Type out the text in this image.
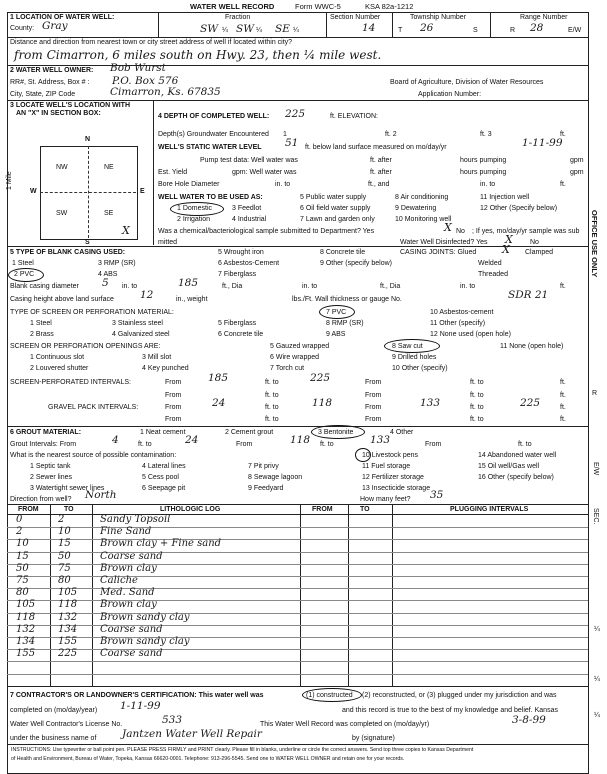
WATER WELL RECORD	Form WWC-5	KSA 82a-1212
1 LOCATION OF WATER WELL:
County: Gray
Fraction
SW ¼ SW ¼ SE ¼
Section Number
14
Township Number
T 26	S
Range Number
R 28	E/W
Distance and direction from nearest town or city street address of well if located within city?
from Cimarron, 6 miles south on Hwy. 23, then ¼ mile west.
2 WATER WELL OWNER: Bob Wurst
RR#, St. Address, Box # : P.O. Box 576	Board of Agriculture, Division of Water Resources
City, State, ZIP Code	Cimarron, Ks. 67835	Application Number:
3 LOCATE WELL'S LOCATION WITH
AN "X" IN SECTION BOX:
N
S
W	E
NW	NE
SW	SE
X
1 Mile
4 DEPTH OF COMPLETED WELL: 225	ft. ELEVATION:
Depth(s) Groundwater Encountered 1	ft. 2	ft. 3	ft.
WELL'S STATIC WATER LEVEL 51 ft. below land surface measured on mo/day/yr	1-11-99
Pump test data: Well water was	ft. after	hours pumping	gpm
Est. Yield	gpm: Well water was	ft. after	hours pumping	gpm
Bore Hole Diameter	in. to	ft., and	in. to	ft.
WELL WATER TO BE USED AS:	5 Public water supply	8 Air conditioning	11 Injection well
1 Domestic	3 Feedlot	6 Oil field water supply	9 Dewatering	12 Other (Specify below)
2 Irrigation	4 Industrial	7 Lawn and garden only	10 Monitoring well
Was a chemical/bacteriological sample submitted to Department? Yes	X No ; If yes, mo/day/yr sample was sub
mitted	Water Well Disinfected? Yes X No
5 TYPE OF BLANK CASING USED:	5 Wrought iron	8 Concrete tile	CASING JOINTS: Glued X Clamped
1 Steel	3 RMP (SR)	6 Asbestos-Cement	9 Other (specify below)	Welded
2 PVC	4 ABS	7 Fiberglass	Threaded
Blank casing diameter 5 in. to	185	ft., Dia	in. to	ft., Dia	in. to	ft.
Casing height above land surface 12	in., weight	lbs./Ft. Wall thickness or gauge No.	SDR 21
TYPE OF SCREEN OR PERFORATION MATERIAL:	7 PVC	10 Asbestos-cement
1 Steel	3 Stainless steel	5 Fiberglass	8 RMP (SR)	11 Other (specify)
2 Brass	4 Galvanized steel	6 Concrete tile	9 ABS	12 None used (open hole)
SCREEN OR PERFORATION OPENINGS ARE:	5 Gauzed wrapped	8 Saw cut	11 None (open hole)
1 Continuous slot	3 Mill slot	6 Wire wrapped	9 Drilled holes
2 Louvered shutter	4 Key punched	7 Torch cut	10 Other (specify)
SCREEN-PERFORATED INTERVALS:	From	185	ft. to	225	From	ft. to	ft.
From	ft. to	From	ft. to	ft.
GRAVEL PACK INTERVALS:	From	24	ft. to	118	From	133	ft. to	225	ft.
From	ft. to	From	ft. to	ft.
6 GROUT MATERIAL:	1 Neat cement	2 Cement grout	3 Bentonite	4 Other
Grout Intervals: From	4	ft. to	24	From	118 ft. to	133	From	ft. to
What is the nearest source of possible contamination:	10 Livestock pens	14 Abandoned water well
1 Septic tank	4 Lateral lines	7 Pit privy	11 Fuel storage	15 Oil well/Gas well
2 Sewer lines	5 Cess pool	8 Sewage lagoon	12 Fertilizer storage	16 Other (specify below)
3 Watertight sewer lines	6 Seepage pit	9 Feedyard	13 Insecticide storage
Direction from well? North	How many feet? 35
FROM	TO	LITHOLOGIC LOG	FROM	TO	PLUGGING INTERVALS
0	2	Sandy Topsoil
2	10	Fine Sand
10	15	Brown clay + Fine sand
15	50	Coarse sand
50	75	Brown clay
75	80	Caliche
80	105 Med. Sand
105 118 Brown clay
118 132 Brown sandy clay
132 134 Coarse sand
134 155 Brown sandy clay
155 225 Coarse sand
7 CONTRACTOR'S OR LANDOWNER'S CERTIFICATION: This water well was	(1) constructed (2) reconstructed, or (3) plugged under my jurisdiction and was
completed on (mo/day/year) 1-11-99	and this record is true to the best of my knowledge and belief. Kansas
Water Well Contractor's License No.	533	This Water Well Record was completed on (mo/day/yr)	3-8-99
under the business name of Jantzen Water Well Repair	by (signature)
INSTRUCTIONS: Use typewriter or ball point pen. PLEASE PRESS FIRMLY and PRINT clearly. Please fill in blanks, underline or circle the correct answers. Send top three copies to Kansas Department
of Health and Environment, Bureau of Water, Topeka, Kansas 66620-0001. Telephone: 913-296-5545. Send one to WATER WELL OWNER and retain one for your records.
OFFICE USE ONLY
R
E/W
SEC.
¼
¼
¼
